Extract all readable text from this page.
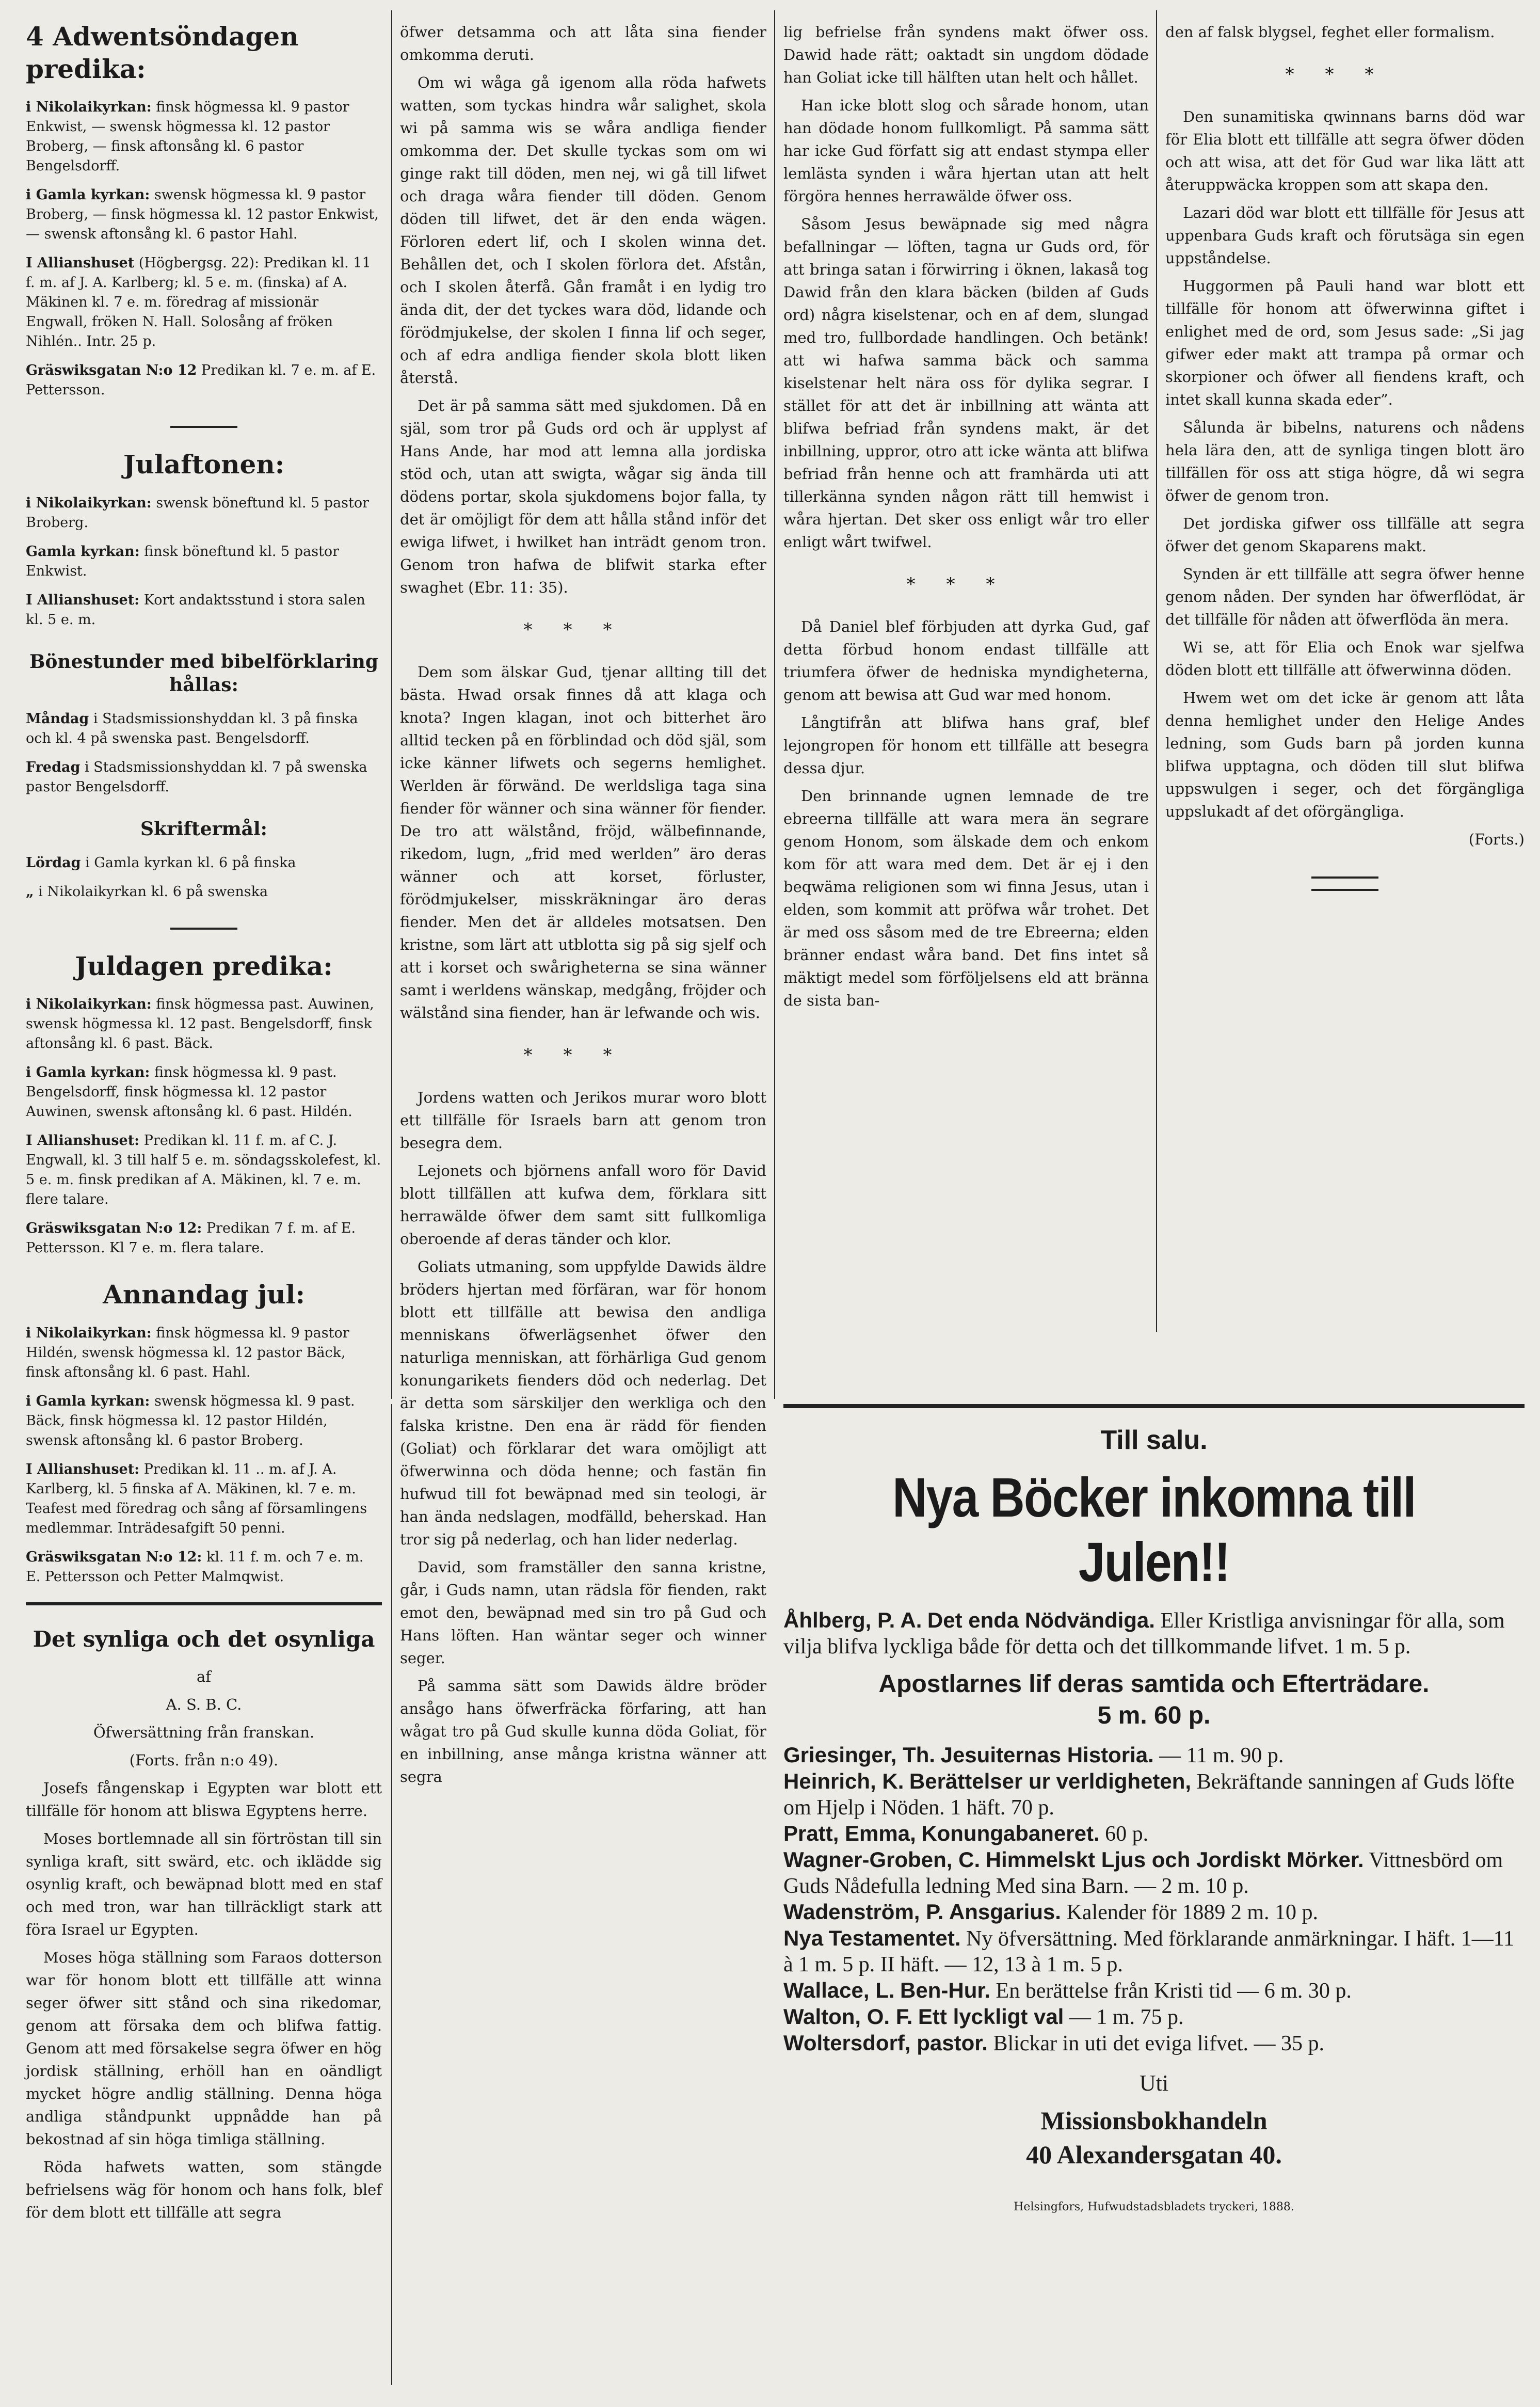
4 Adwentsöndagen predika:

i Nikolaikyrkan: finsk högmessa kl. 9 pastor Enkwist, — swensk högmessa kl. 12 pastor Broberg, — finsk aftonsång kl. 6 pastor Bengelsdorff.

i Gamla kyrkan: swensk högmessa kl. 9 pastor Broberg, — finsk högmessa kl. 12 pastor Enkwist, — swensk aftonsång kl. 6 pastor Hahl.

I Allianshuset (Högbergsg. 22): Predikan kl. 11 f. m. af J. A. Karlberg; kl. 5 e. m. (finska) af A. Mäkinen kl. 7 e. m. föredrag af missionär Engwall, fröken N. Hall. Solosång af fröken Nihlén.. Intr. 25 p.

Gräswiksgatan N:o 12 Predikan kl. 7 e. m. af E. Pettersson.

Julaftonen:

i Nikolaikyrkan: swensk böneftund kl. 5 pastor Broberg.

Gamla kyrkan: finsk böneftund kl. 5 pastor Enkwist.

I Allianshuset: Kort andaktsstund i stora salen kl. 5 e. m.

Bönestunder med bibelförklaring hållas:

Måndag i Stadsmissionshyddan kl. 3 på finska och kl. 4 på swenska past. Bengelsdorff.

Fredag i Stadsmissionshyddan kl. 7 på swenska pastor Bengelsdorff.

Skriftermål:

Lördag i Gamla kyrkan kl. 6 på finska

„ i Nikolaikyrkan kl. 6 på swenska

Juldagen predika:

i Nikolaikyrkan: finsk högmessa past. Auwinen, swensk högmessa kl. 12 past. Bengelsdorff, finsk aftonsång kl. 6 past. Bäck.

i Gamla kyrkan: finsk högmessa kl. 9 past. Bengelsdorff, finsk högmessa kl. 12 pastor Auwinen, swensk aftonsång kl. 6 past. Hildén.

I Allianshuset: Predikan kl. 11 f. m. af C. J. Engwall, kl. 3 till half 5 e. m. söndagsskolefest, kl. 5 e. m. finsk predikan af A. Mäkinen, kl. 7 e. m. flere talare.

Gräswiksgatan N:o 12: Predikan 7 f. m. af E. Pettersson. Kl 7 e. m. flera talare.

Annandag jul:

i Nikolaikyrkan: finsk högmessa kl. 9 pastor Hildén, swensk högmessa kl. 12 pastor Bäck, finsk aftonsång kl. 6 past. Hahl.

i Gamla kyrkan: swensk högmessa kl. 9 past. Bäck, finsk högmessa kl. 12 pastor Hildén, swensk aftonsång kl. 6 pastor Broberg.

I Allianshuset: Predikan kl. 11 .. m. af J. A. Karlberg, kl. 5 finska af A. Mäkinen, kl. 7 e. m. Teafest med föredrag och sång af församlingens medlemmar. Inträdesafgift 50 penni.

Gräswiksgatan N:o 12: kl. 11 f. m. och 7 e. m. E. Pettersson och Petter Malmqwist.

Det synliga och det osynliga

af

A. S. B. C.

Öfwersättning från franskan.

(Forts. från n:o 49).

Josefs fångenskap i Egypten war blott ett tillfälle för honom att bliswa Egyptens herre.

Moses bortlemnade all sin förtröstan till sin synliga kraft, sitt swärd, etc. och ikläddе sig osynlig kraft, och bewäpnad blott med en staf och med tron, war han tillräckligt stark att föra Israel ur Egypten.

Moses höga ställning som Faraos dotterson war för honom blott ett tillfälle att winna seger öfwer sitt stånd och sina rikedomar, genom att försaka dem och blifwa fattig. Genom att med försakelse segra öfwer en hög jordisk ställning, erhöll han en oändligt mycket högre andlig ställning. Denna höga andliga ståndpunkt uppnådde han på bekostnad af sin höga timliga ställning.

Röda hafwets watten, som stängde befrielsens wäg för honom och hans folk, blef för dem blott ett tillfälle att segra

öfwer detsamma och att låta sina fiender omkomma deruti.

Om wi wåga gå igenom alla röda hafwets watten, som tyckas hindra wår salighet, skola wi på samma wis se wåra andliga fiender omkomma der. Det skulle tyckas som om wi ginge rakt till döden, men nej, wi gå till lifwet och draga wåra fiender till döden. Genom döden till lifwet, det är den enda wägen. Förloren edert lif, och I skolen winna det. Behållen det, och I skolen förlora det. Afstån, och I skolen återfå. Gån framåt i en lydig tro ända dit, der det tyckes wara död, lidande och förödmjukelse, der skolen I finna lif och seger, och af edra andliga fiender skola blott liken återstå.

Det är på samma sätt med sjukdomen. Då en själ, som tror på Guds ord och är upplyst af Hans Ande, har mod att lemna alla jordiska stöd och, utan att swigta, wågar sig ända till dödens portar, skola sjukdomens bojor falla, ty det är omöjligt för dem att hålla stånd inför det ewiga lifwet, i hwilket han inträdt genom tron. Genom tron hafwa de blifwit starka efter swaghet (Ebr. 11: 35).

***

Dem som älskar Gud, tjenar allting till det bästa. Hwad orsak finnes då att klaga och knota? Ingen klagan, inot och bitterhet äro alltid tecken på en förblindad och död själ, som icke känner lifwets och segerns hemlighet. Werlden är förwänd. De werldsliga taga sina fiender för wänner och sina wänner för fiender. De tro att wälstånd, fröjd, wälbefinnande, rikedom, lugn, „frid med werlden” äro deras wänner och att korset, förluster, förödmjukelser, misskräkningar äro deras fiender. Men det är alldeles motsatsen. Den kristne, som lärt att utblotta sig på sig sjelf och att i korset och swårigheterna se sina wänner samt i werldens wänskap, medgång, fröjder och wälstånd sina fiender, han är lefwande och wis.

***

Jordens watten och Jerikos murar woro blott ett tillfälle för Israels barn att genom tron besegra dem.

Lejonets och björnens anfall woro för David blott tillfällen att kufwa dem, förklara sitt herrawälde öfwer dem samt sitt fullkomliga oberoende af deras tänder och klor.

Goliats utmaning, som uppfylde Dawids äldre bröders hjertan med förfäran, war för honom blott ett tillfälle att bewisa den andliga menniskans öfwerlägsenhet öfwer den naturliga menniskan, att förhärliga Gud genom konungarikets fienders död och nederlag. Det är detta som särskiljer den werkliga och den falska kristne. Den ena är rädd för fienden (Goliat) och förklarar det wara omöjligt att öfwerwinna och döda henne; och fastän fin hufwud till fot bewäpnad med sin teologi, är han ända nedslagen, modfälld, beherskad. Han tror sig på nederlag, och han lider nederlag.

David, som framställer den sanna kristne, går, i Guds namn, utan rädsla för fienden, rakt emot den, bewäpnad med sin tro på Gud och Hans löften. Han wäntar seger och winner seger.

På samma sätt som Dawids äldre bröder ansågo hans öfwerfräcka förfaring, att han wågat tro på Gud skulle kunna döda Goliat, för en inbillning, anse många kristna wänner att segra

lig befrielse från syndens makt öfwer oss. Dawid hade rätt; oaktadt sin ungdom dödade han Goliat icke till hälften utan helt och hållet.

Han icke blott slog och sårade honom, utan han dödade honom fullkomligt. På samma sätt har icke Gud författ sig att endast stympa eller lemlästa synden i wåra hjertan utan att helt förgöra hennes herrawälde öfwer oss.

Såsom Jesus bewäpnade sig med några befallningar — löften, tagna ur Guds ord, för att bringa satan i förwirring i öknen, lakaså tog Dawid från den klara bäcken (bilden af Guds ord) några kiselstenar, och en af dem, slungad med tro, fullbordade handlingen. Och betänk! att wi hafwa samma bäck och samma kiselstenar helt nära oss för dylika segrar. I stället för att det är inbillning att wänta att blifwa befriad från syndens makt, är det inbillning, uppror, otro att icke wänta att blifwa befriad från henne och att framhärda uti att tillerkänna synden någon rätt till hemwist i wåra hjertan. Det sker oss enligt wår tro eller enligt wårt twifwel.

***

Då Daniel blef förbjuden att dyrka Gud, gaf detta förbud honom endast tillfälle att triumfera öfwer de hedniska myndigheterna, genom att bewisa att Gud war med honom.

Långtifrån att blifwa hans graf, blef lejongropen för honom ett tillfälle att besegra dessa djur.

Den brinnande ugnen lemnade de tre ebreerna tillfälle att wara mera än segrare genom Honom, som älskade dem och enkom kom för att wara med dem. Det är ej i den beqwäma religionen som wi finna Jesus, utan i elden, som kommit att pröfwa wår trohet. Det är med oss såsom med de tre Ebreerna; elden bränner endast wåra band. Det fins intet så mäktigt medel som förföljelsens eld att bränna de sista ban-

den af falsk blygsel, feghet eller formalism.

***

Den sunamitiska qwinnans barns död war för Elia blott ett tillfälle att segra öfwer döden och att wisa, att det för Gud war lika lätt att återuppwäcka kroppen som att skapa den.

Lazari död war blott ett tillfälle för Jesus att uppenbara Guds kraft och förutsäga sin egen uppståndelse.

Huggormen på Pauli hand war blott ett tillfälle för honom att öfwerwinna giftet i enlighet med de ord, som Jesus sade: „Si jag gifwer eder makt att trampa på ormar och skorpioner och öfwer all fiendens kraft, och intet skall kunna skada eder”.

Sålunda är bibelns, naturens och nådens hela lära den, att de synliga tingen blott äro tillfällen för oss att stiga högre, då wi segra öfwer de genom tron.

Det jordiska gifwer oss tillfälle att segra öfwer det genom Skaparens makt.

Synden är ett tillfälle att segra öfwer henne genom nåden. Der synden har öfwerflödat, är det tillfälle för nåden att öfwerflöda än mera.

Wi se, att för Elia och Enok war sjelfwa döden blott ett tillfälle att öfwerwinna döden.

Hwem wet om det icke är genom att låta denna hemlighet under den Helige Andes ledning, som Guds barn på jorden kunna blifwa upptagna, och döden till slut blifwa uppswulgen i seger, och det förgängliga uppslukadt af det oförgängliga.

(Forts.)

Till salu.
Nya Böcker inkomna till Julen!!
Åhlberg, P. A. Det enda Nödvändiga. Eller Kristliga anvisningar för alla, som vilja blifva lyckliga både för detta och det tillkommande lifvet. 1 m. 5 p.
Apostlarnes lif deras samtida och Efterträdare.
5 m. 60 p.
Griesinger, Th. Jesuiternas Historia. — 11 m. 90 p.
Heinrich, K. Berättelser ur verldigheten, Bekräftande sanningen af Guds löfte om Hjelp i Nöden. 1 häft. 70 p.
Pratt, Emma, Konungabaneret. 60 p.
Wagner-Groben, C. Himmelskt Ljus och Jordiskt Mörker. Vittnesbörd om Guds Nådefulla ledning Med sina Barn. — 2 m. 10 p.
Wadenström, P. Ansgarius. Kalender för 1889 2 m. 10 p.
Nya Testamentet. Ny öfversättning. Med förklarande anmärkningar. I häft. 1—11 à 1 m. 5 p. II häft. — 12, 13 à 1 m. 5 p.
Wallace, L. Ben-Hur. En berättelse från Kristi tid — 6 m. 30 p.
Walton, O. F. Ett lyckligt val — 1 m. 75 p.
Woltersdorf, pastor. Blickar in uti det eviga lifvet. — 35 p.
Uti
Missionsbokhandeln
40 Alexandersgatan 40.
Helsingfors, Hufwudstadsbladets tryckeri, 1888.
